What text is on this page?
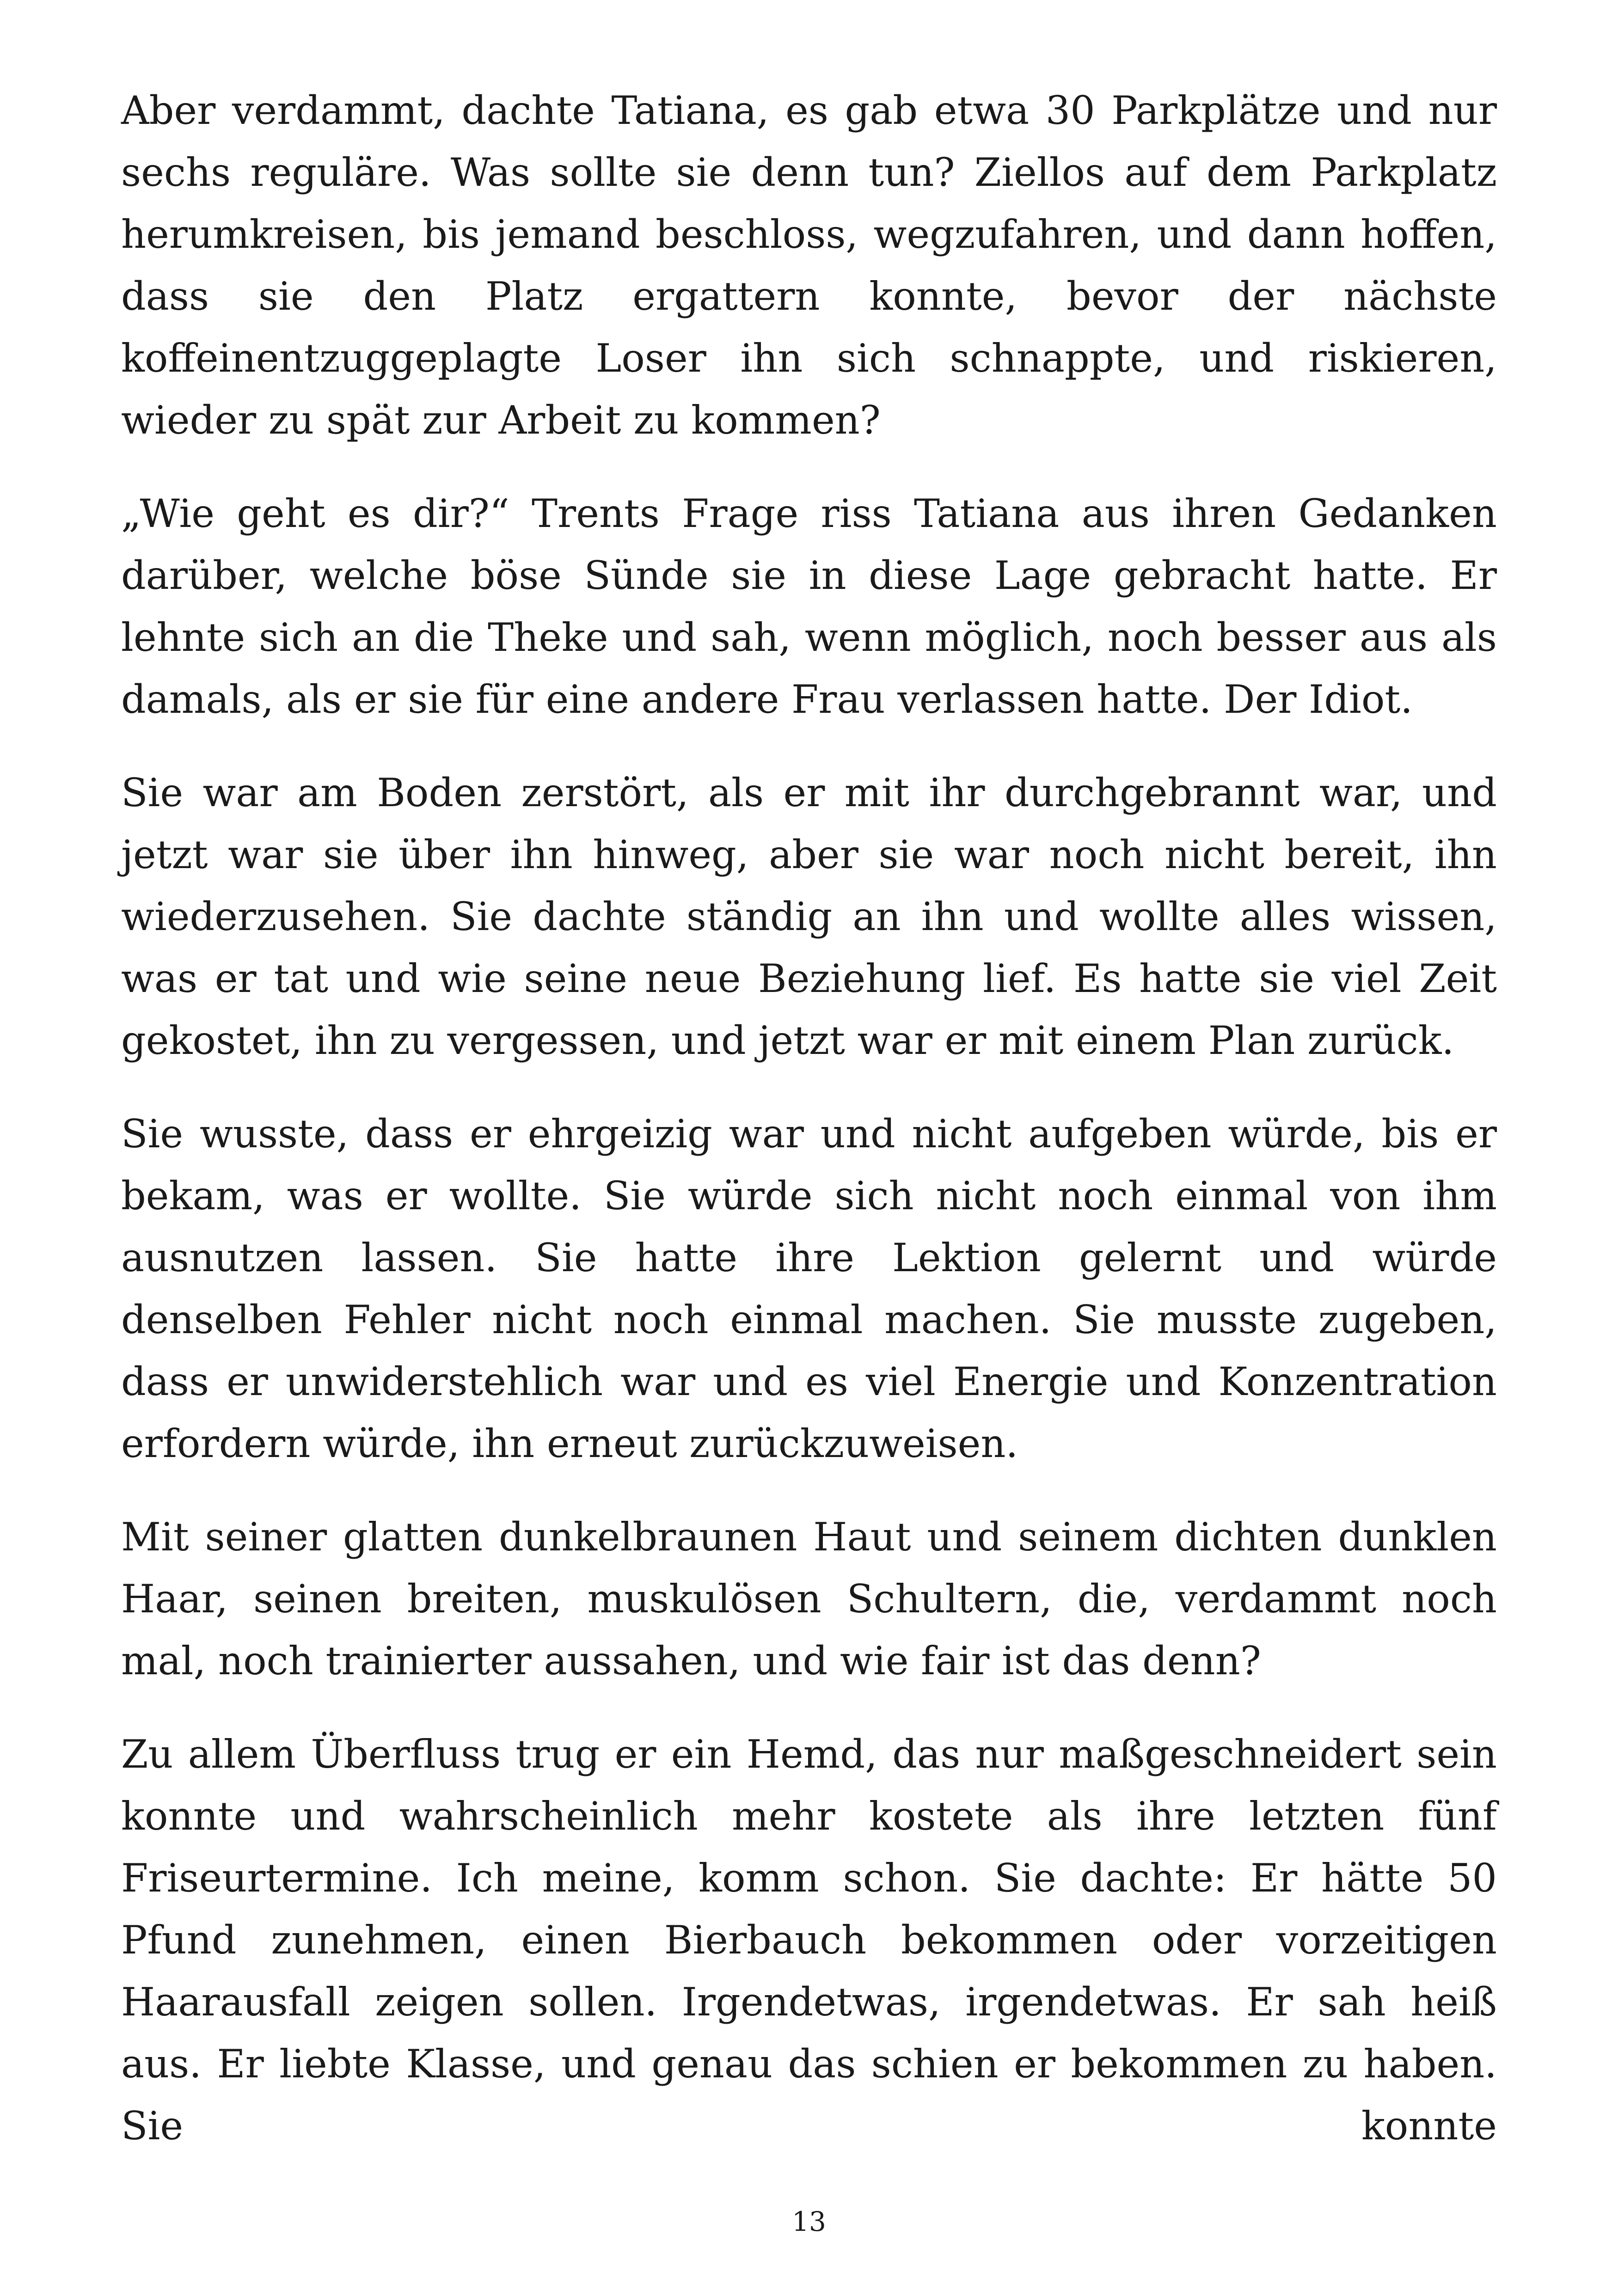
Aber verdammt, dachte Tatiana, es gab etwa 30 Parkplätze und nur sechs reguläre. Was sollte sie denn tun? Ziellos auf dem Parkplatz herumkreisen, bis jemand beschloss, wegzufahren, und dann hoffen, dass sie den Platz ergattern konnte, bevor der nächste koffeinentzuggeplagte Loser ihn sich schnappte, und riskieren, wieder zu spät zur Arbeit zu kommen?

„Wie geht es dir?“ Trents Frage riss Tatiana aus ihren Gedanken darüber, welche böse Sünde sie in diese Lage gebracht hatte. Er lehnte sich an die Theke und sah, wenn möglich, noch besser aus als damals, als er sie für eine andere Frau verlassen hatte. Der Idiot.

Sie war am Boden zerstört, als er mit ihr durchgebrannt war, und jetzt war sie über ihn hinweg, aber sie war noch nicht bereit, ihn wiederzusehen. Sie dachte ständig an ihn und wollte alles wissen, was er tat und wie seine neue Beziehung lief. Es hatte sie viel Zeit gekostet, ihn zu vergessen, und jetzt war er mit einem Plan zurück.

Sie wusste, dass er ehrgeizig war und nicht aufgeben würde, bis er bekam, was er wollte. Sie würde sich nicht noch einmal von ihm ausnutzen lassen. Sie hatte ihre Lektion gelernt und würde denselben Fehler nicht noch einmal machen. Sie musste zugeben, dass er unwiderstehlich war und es viel Energie und Konzentration erfordern würde, ihn erneut zurückzuweisen.

Mit seiner glatten dunkelbraunen Haut und seinem dichten dunklen Haar, seinen breiten, muskulösen Schultern, die, verdammt noch mal, noch trainierter aussahen, und wie fair ist das denn?

Zu allem Überfluss trug er ein Hemd, das nur maßgeschneidert sein konnte und wahrscheinlich mehr kostete als ihre letzten fünf Friseurtermine. Ich meine, komm schon. Sie dachte: Er hätte 50 Pfund zunehmen, einen Bierbauch bekommen oder vorzeitigen Haarausfall zeigen sollen. Irgendetwas, irgendetwas. Er sah heiß aus. Er liebte Klasse, und genau das schien er bekommen zu haben. Sie konnte

13
